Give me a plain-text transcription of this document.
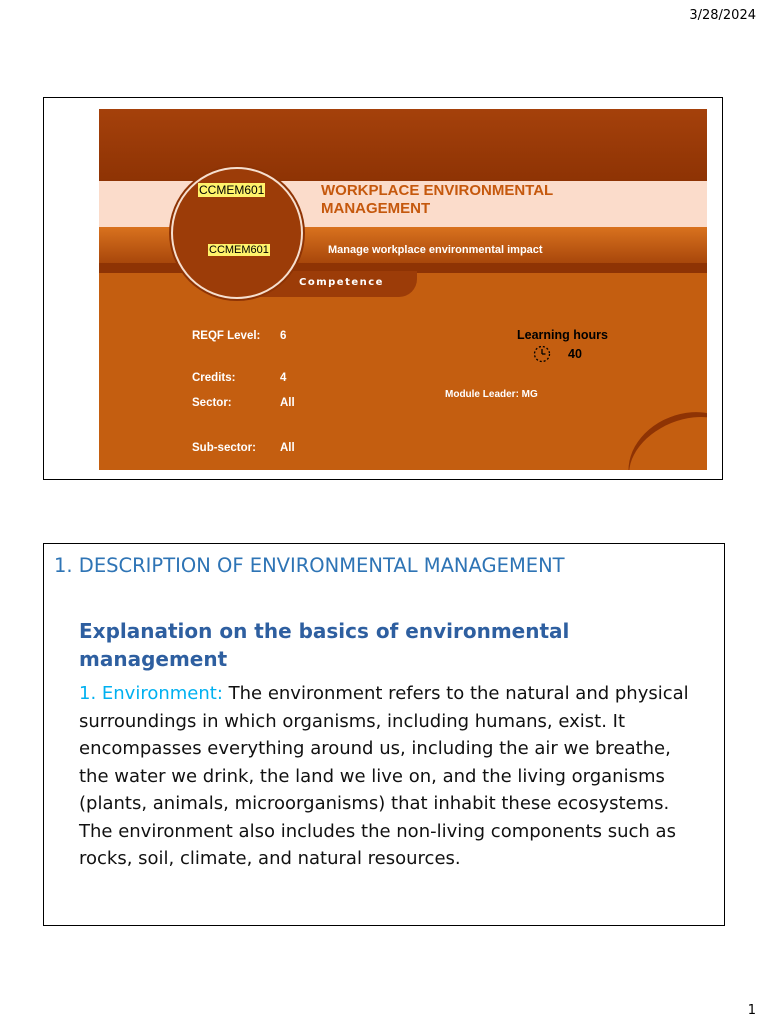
3/28/2024
Competence
CCMEM601
CCMEM601
WORKPLACE ENVIRONMENTAL
MANAGEMENT
Manage workplace environmental impact
REQF Level: 6
Credits:	4
Sector:	All
Sub-sector: All
Learning hours
40
Module Leader: MG
1. DESCRIPTION OF ENVIRONMENTAL MANAGEMENT
Explanation on the basics of environmental management
1. Environment: The environment refers to the natural and physical surroundings in which organisms, including humans, exist. It encompasses everything around us, including the air we breathe, the water we drink, the land we live on, and the living organisms (plants, animals, microorganisms) that inhabit these ecosystems. The environment also includes the non-living components such as rocks, soil, climate, and natural resources.
1
